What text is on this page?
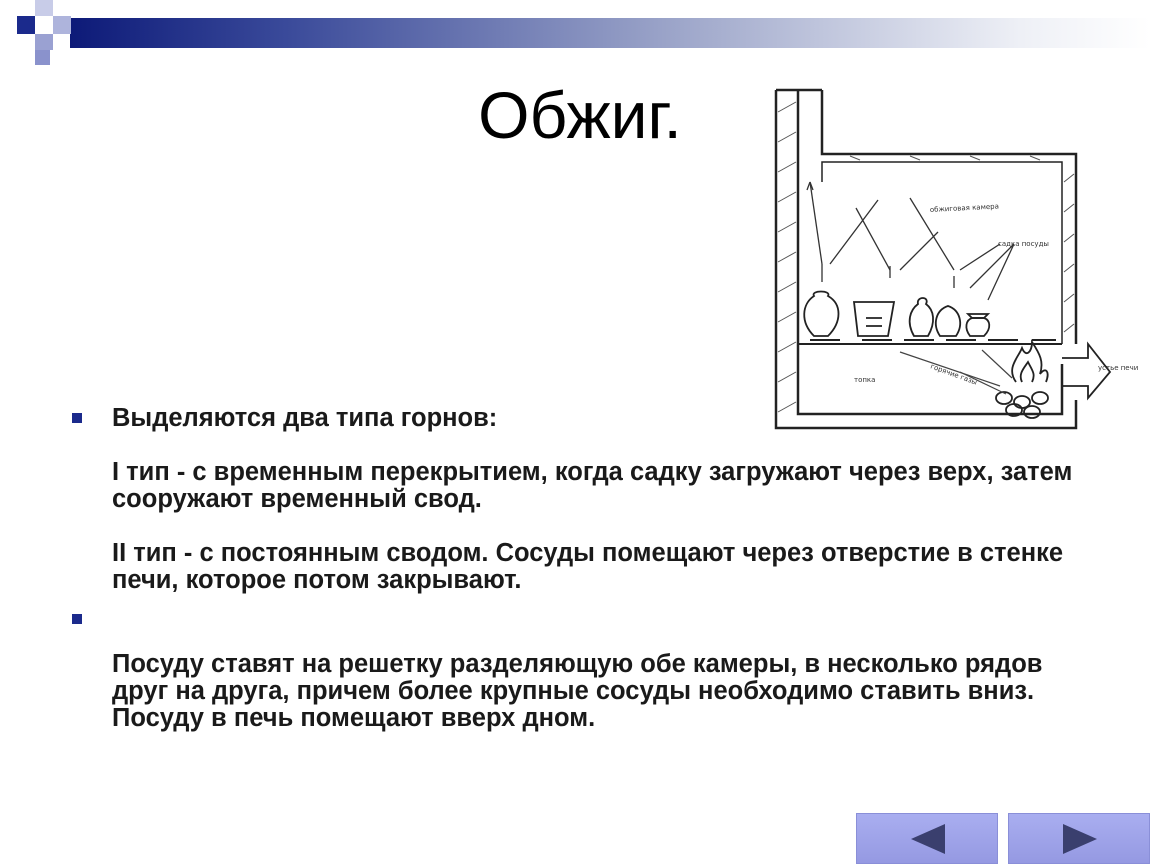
Обжиг.
обжиговая камера
садка посуды
топка	горячие газы	устье печи
Выделяются два типа горнов:
I тип - с временным перекрытием, когда садку загружают через верх, затем сооружают временный свод.
II тип - с постоянным сводом. Сосуды помещают через отверстие в стенке печи, которое потом закрывают.
Посуду ставят на решетку разделяющую обе камеры, в несколько рядов друг на друга, причем более крупные сосуды необходимо ставить вниз. Посуду в печь помещают вверх дном.
